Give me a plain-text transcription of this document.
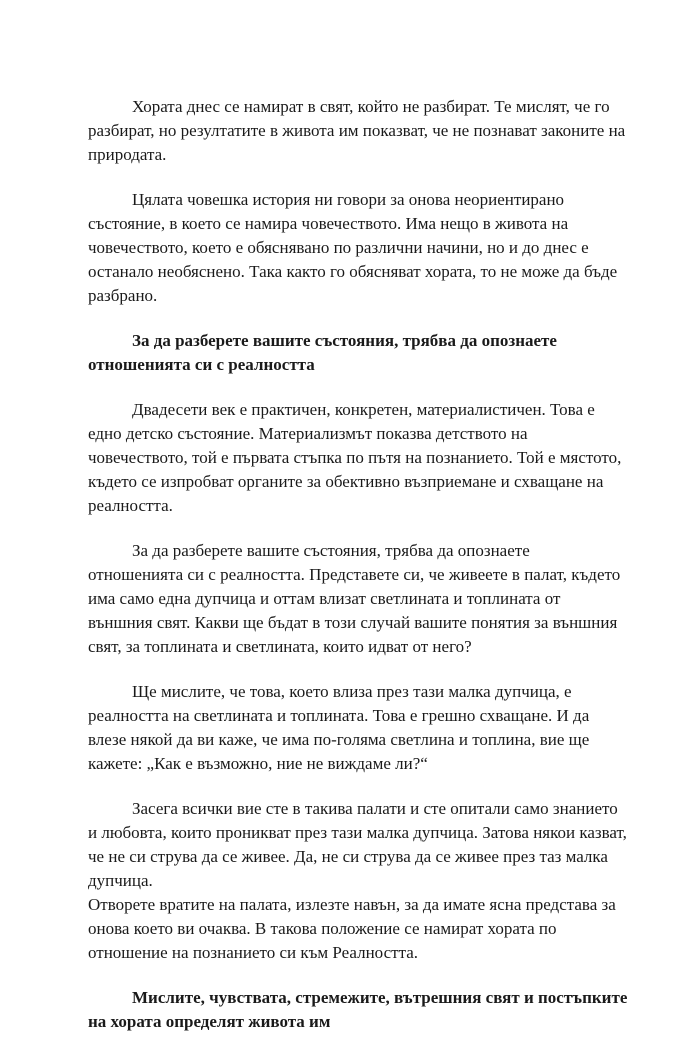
Хората днес се намират в свят, който не разбират. Те мислят, че го разбират, но резултатите в живота им показват, че не познават законите на природата.

Цялата човешка история ни говори за онова неориентирано състояние, в което се намира човечеството. Има нещо в живота на човечеството, което е обяснявано по различни начини, но и до днес е останало необяснено. Така както го обясняват хората, то не може да бъде разбрано.

За да разберете вашите състояния, трябва да опознаете отношенията си с реалността

Двадесети век е практичен, конкретен, материалистичен. Това е едно детско състояние. Материализмът показва детството на човечеството, той е първата стъпка по пътя на познанието. Той е мястото, където се изпробват органите за обективно възприемане и схващане на реалността.

За да разберете вашите състояния, трябва да опознаете отношенията си с реалността. Представете си, че живеете в палат, където има само една дупчица и оттам влизат светлината и топлината от външния свят. Какви ще бъдат в този случай вашите понятия за външния свят, за топлината и светлината, които идват от него?

Ще мислите, че това, което влиза през тази малка дупчица, е реалността на светлината и топлината. Това е грешно схващане. И да влезе някой да ви каже, че има по-голяма светлина и топлина, вие ще кажете: „Как е възможно, ние не виждаме ли?“

Засега всички вие сте в такива палати и сте опитали само знанието и любовта, които проникват през тази малка дупчица. Затова някои казват, че не си струва да се живее. Да, не си струва да се живее през таз малка дупчица.

Отворете вратите на палата, излезте навън, за да имате ясна представа за онова което ви очаква. В такова положение се намират хората по отношение на познанието си към Реалността.

Мислите, чувствата, стремежите, вътрешния свят и постъпките на хората определят живота им
